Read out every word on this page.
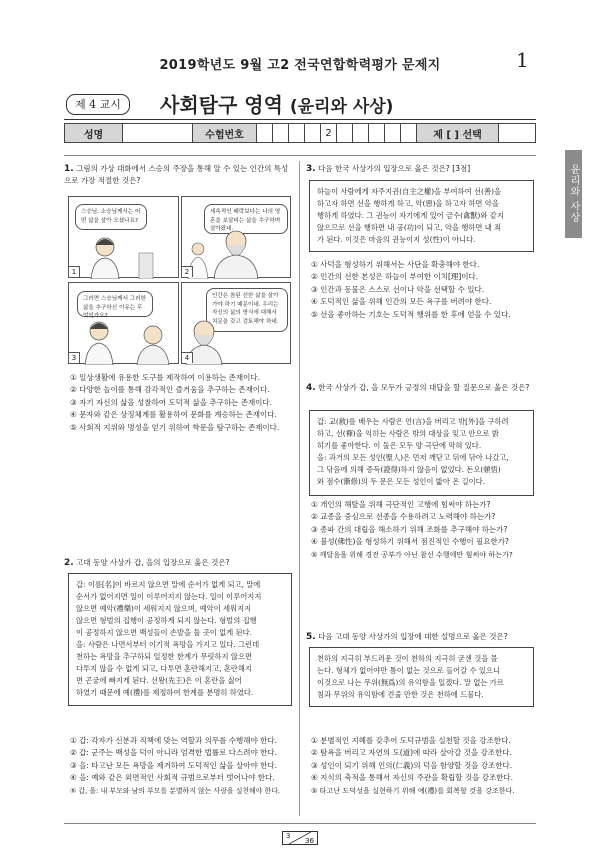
2019학년도 9월 고2 전국연합학력평가 문제지	1
제 4 교시	사회탐구 영역 (윤리와 사상)
윤리와 사상
성명	수험번호	2	제 [ ] 선택
1. 그림의 가상 대화에서 스승의 주장을 통해 알 수 있는 인간의 특성으로 가장 적절한 것은?
스승님, 소승님께서는 어떤 삶을 살아 오셨나요?
1
세속적인 쾌락보다는 나의 영혼을 보살피는 삶을 추구하며 살아왔네.
2
그러면 스승님께서 그러한 삶을 추구하신 이유는 무엇인가요?
3
인간은 참된 선한 삶을 살아가야 하기 때문이네. 우리는 자신의 삶의 방식에 대해서 치문을 갖고 검토해야 하네.
4
① 일상생활에 유용한 도구를 제작하여 이용하는 존재이다.
② 다양한 놀이를 통해 감각적인 즐거움을 추구하는 존재이다.
③ 자기 자신의 삶을 성찰하여 도덕적 삶을 추구하는 존재이다.
④ 문자와 같은 상징체계를 활용하여 문화를 계승하는 존재이다.
⑤ 사회적 지위와 명성을 얻기 위하여 학문을 탐구하는 존재이다.
2. 고대 동양 사상가 갑, 을의 입장으로 옳은 것은?
갑: 이름[名]이 바르지 않으면 말에 순서가 없게 되고, 말에
순서가 없어지면 일이 이루어지지 않는다. 일이 이루어지지
않으면 예악(禮樂)이 세워지지 않으며, 예악이 세워지지
않으면 형벌의 집행이 공정하게 되지 않는다. 형벌의 집행
이 공정하지 않으면 백성들이 손발을 둘 곳이 없게 된다.
을: 사람은 나면서부터 이기적 욕망을 가지고 있다. 그런데
천하는 욕망을 추구하되 일정한 한계가 무릿하지 않으면
다투지 않을 수 없게 되고, 다투면 혼란해지고, 혼란해지
면 곤궁에 빠지게 된다. 선왕(先王)은 이 혼란을 싫어
하였기 때문에 예(禮)를 제정하여 한계를 분명히 하였다.
① 갑: 각자가 신분과 직책에 맞는 역할과 의무를 수행해야 한다.
② 갑: 군주는 백성을 덕이 아니라 엄격한 법률로 다스려야 한다.
③ 을: 타고난 모든 욕망을 제거하여 도덕적인 삶을 살아야 한다.
④ 을: 예와 같은 외면적인 사회적 규범으로부터 벗어나야 한다.
⑤ 갑, 을: 내 부모와 남의 부모를 분별하지 않는 사랑을 실천해야 한다.
3. 다음 한국 사상가의 입장으로 옳은 것은? [3점]
하늘이 사람에게 자주지권(自主之權)을 부여하여 선(善)을
하고자 하면 선을 행하게 하고, 악(惡)을 하고자 하면 악을
행하게 하였다. 그 권능이 자기에게 있어 금수(禽獸)와 같지
않으므로 선을 행하면 내 공(功)이 되고, 악을 행하면 내 죄
가 된다. 이것은 마음의 권능이지 성(性)이 아니다.
① 사덕을 형성하기 위해서는 사단을 확충해야 한다.
② 인간의 선한 본성은 하늘이 부여한 이치[理]이다.
③ 인간과 동물은 스스로 선이나 악을 선택할 수 있다.
④ 도덕적인 삶을 위해 인간의 모든 욕구를 버려야 한다.
⑤ 선을 좋아하는 기호는 도덕적 행위를 한 후에 얻을 수 있다.
4. 한국 사상가 갑, 을 모두가 긍정의 대답을 할 질문으로 옳은 것은?
갑: 교(敎)를 배우는 사람은 언(言)을 버리고 밖[外]을 구하려
하고, 선(禪)을 익히는 사람은 밖의 대상을 잊고 안으로 밝
히기를 좋아한다. 이 둘은 모두 양 극단에 막혀 있다.
을: 과거의 모든 성인(聖人)은 먼저 깨닫고 뒤에 닦아 나갔고,
그 닦음에 의해 증득(證得)하지 않음이 없었다. 돈오(頓悟)
와 점수(漸修)의 두 문은 모든 성인이 밟아 온 길이다.
① 개인의 해탈을 위해 극단적인 고행에 힘써야 하는가?
② 교종을 중심으로 선종을 수용하려고 노력해야 하는가?
③ 종파 간의 대립을 해소하기 위해 조화를 추구해야 하는가?
④ 불성(佛性)을 형성하기 위해서 점진적인 수행이 필요한가?
⑤ 깨달음을 위해 경전 공부가 아닌 참선 수행에만 힘써야 하는가?
5. 다음 고대 동양 사상가의 입장에 대한 설명으로 옳은 것은?
천하의 지극히 부드러운 것이 천하의 지극히 굳센 것을 몰
는다. 형체가 없어야만 틈이 없는 것으로 들어갈 수 있으니
이것으로 나는 무위(無爲)의 유익함을 일겠다. 말 없는 가르
침과 무위의 유익함에 견줄 만한 것은 천하에 드물다.
① 분별적인 지혜를 갖추어 도덕규범을 실천할 것을 강조한다.
② 탐욕을 버리고 자연의 도(道)에 따라 살아갈 것을 강조한다.
③ 성인이 되기 위해 인의(仁義)의 덕을 함양할 것을 강조한다.
④ 지식의 축적을 통해서 자신의 주관을 확립할 것을 강조한다.
⑤ 타고난 도덕성을 실현하기 위해 예(禮)를 회복할 것을 강조한다.
3
36
